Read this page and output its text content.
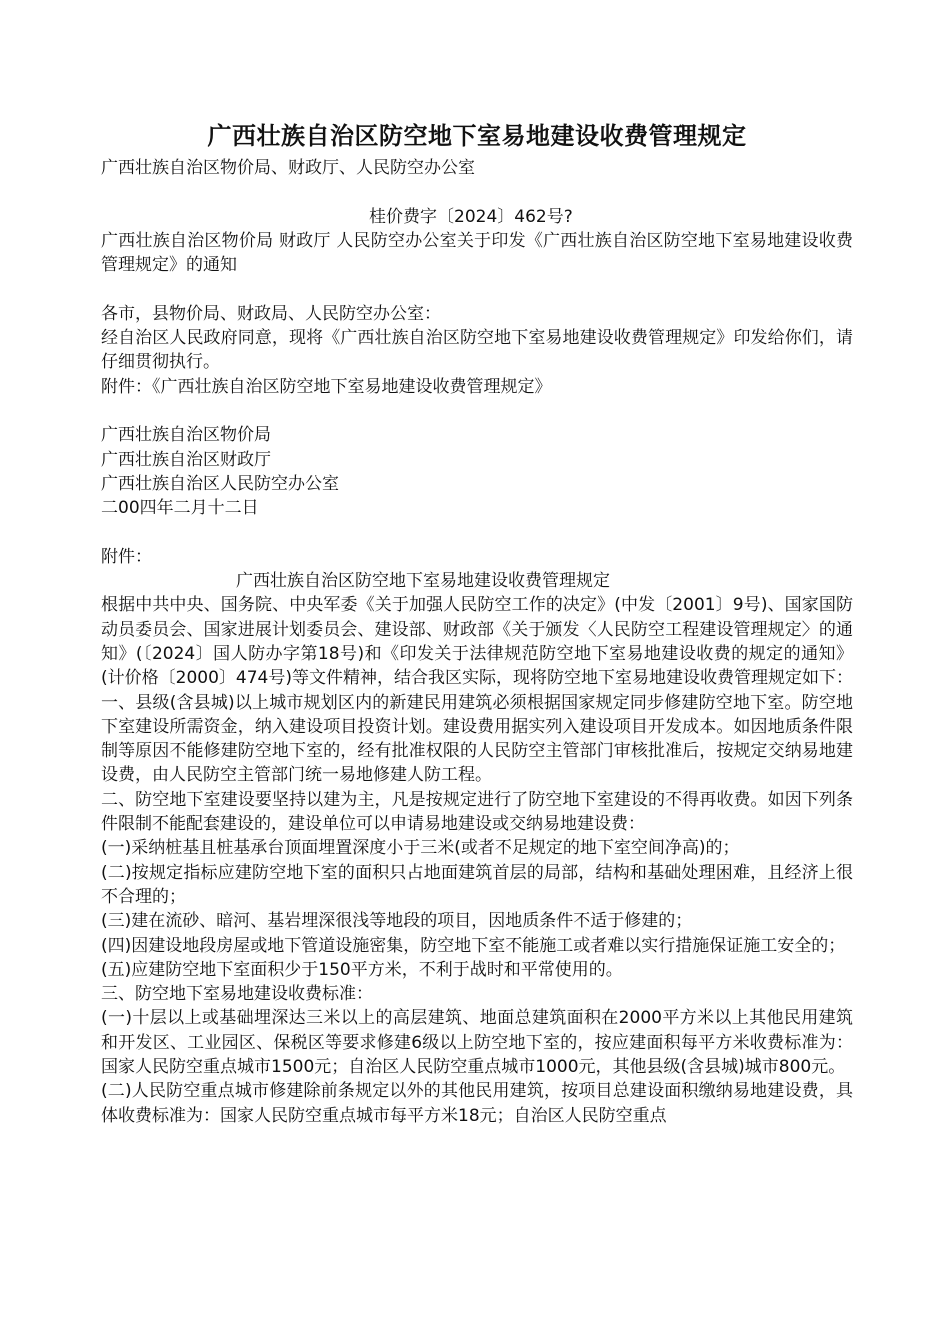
广西壮族自治区防空地下室易地建设收费管理规定
广西壮族自治区物价局、财政厅、人民防空办公室
桂价费字〔2024〕462号?
广西壮族自治区物价局 财政厅 人民防空办公室关于印发《广西壮族自治区防空地下室易地建设收费管理规定》的通知
各市，县物价局、财政局、人民防空办公室：
经自治区人民政府同意，现将《广西壮族自治区防空地下室易地建设收费管理规定》印发给你们，请仔细贯彻执行。
附件：《广西壮族自治区防空地下室易地建设收费管理规定》
广西壮族自治区物价局
广西壮族自治区财政厅
广西壮族自治区人民防空办公室
二00四年二月十二日
附件：
广西壮族自治区防空地下室易地建设收费管理规定
根据中共中央、国务院、中央军委《关于加强人民防空工作的决定》(中发〔2001〕9号)、国家国防动员委员会、国家进展计划委员会、建设部、财政部《关于颁发〈人民防空工程建设管理规定〉的通知》(〔2024〕国人防办字第18号)和《印发关于法律规范防空地下室易地建设收费的规定的通知》(计价格〔2000〕474号)等文件精神，结合我区实际，现将防空地下室易地建设收费管理规定如下：
一、县级(含县城)以上城市规划区内的新建民用建筑必须根据国家规定同步修建防空地下室。防空地下室建设所需资金，纳入建设项目投资计划。建设费用据实列入建设项目开发成本。如因地质条件限制等原因不能修建防空地下室的，经有批准权限的人民防空主管部门审核批准后，按规定交纳易地建设费，由人民防空主管部门统一易地修建人防工程。
二、防空地下室建设要坚持以建为主，凡是按规定进行了防空地下室建设的不得再收费。如因下列条件限制不能配套建设的，建设单位可以申请易地建设或交纳易地建设费：
(一)采纳桩基且桩基承台顶面埋置深度小于三米(或者不足规定的地下室空间净高)的；
(二)按规定指标应建防空地下室的面积只占地面建筑首层的局部，结构和基础处理困难，且经济上很不合理的；
(三)建在流砂、暗河、基岩埋深很浅等地段的项目，因地质条件不适于修建的；
(四)因建设地段房屋或地下管道设施密集，防空地下室不能施工或者难以实行措施保证施工安全的；
(五)应建防空地下室面积少于150平方米，不利于战时和平常使用的。
三、防空地下室易地建设收费标准：
(一)十层以上或基础埋深达三米以上的高层建筑、地面总建筑面积在2000平方米以上其他民用建筑和开发区、工业园区、保税区等要求修建6级以上防空地下室的，按应建面积每平方米收费标准为：国家人民防空重点城市1500元；自治区人民防空重点城市1000元，其他县级(含县城)城市800元。
(二)人民防空重点城市修建除前条规定以外的其他民用建筑，按项目总建设面积缴纳易地建设费，具体收费标准为：国家人民防空重点城市每平方米18元；自治区人民防空重点
